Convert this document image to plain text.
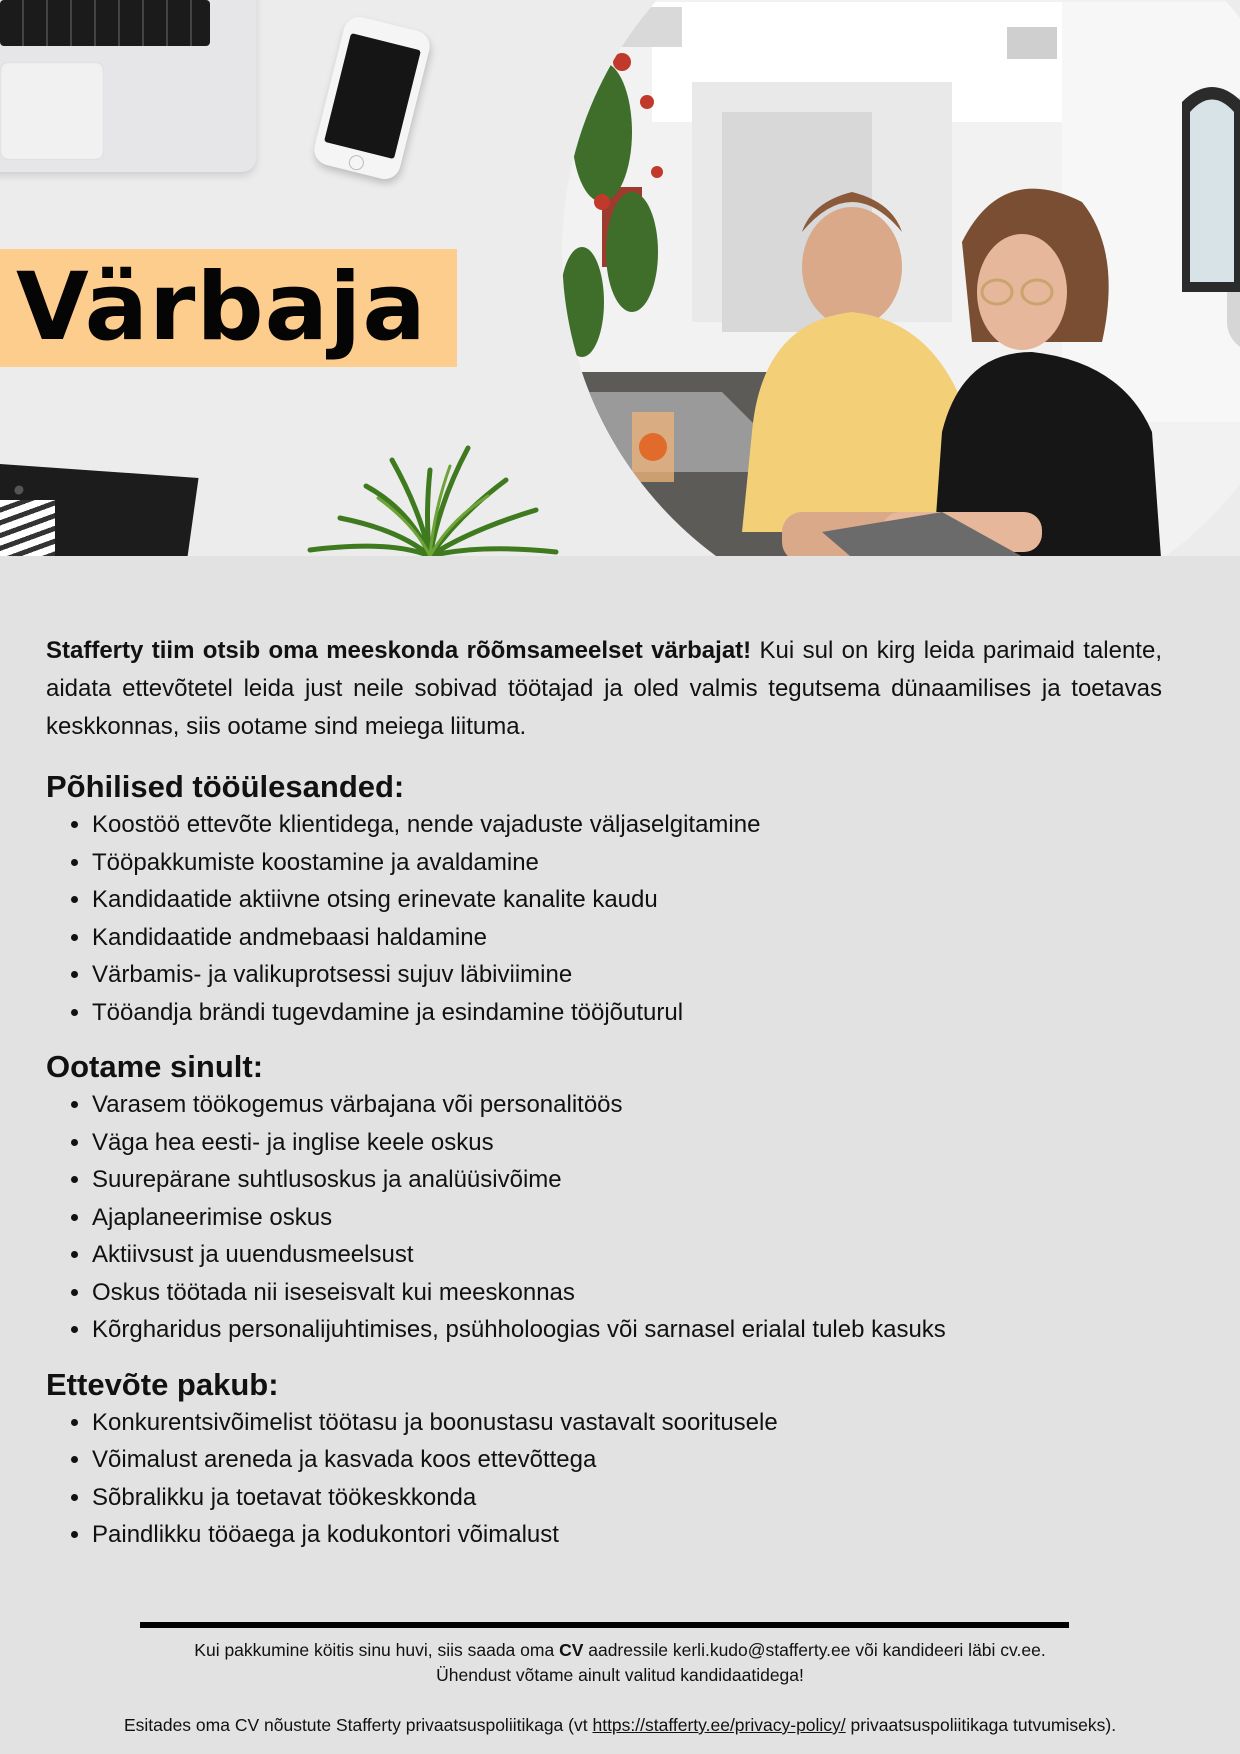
Värbaja

Stafferty tiim otsib oma meeskonda rõõmsameelset värbajat! Kui sul on kirg leida parimaid talente, aidata ettevõtetel leida just neile sobivad töötajad ja oled valmis tegutsema dünaamilises ja toetavas keskkonnas, siis ootame sind meiega liituma.

Põhilised tööülesanded:
• Koostöö ettevõte klientidega, nende vajaduste väljaselgitamine
• Tööpakkumiste koostamine ja avaldamine
• Kandidaatide aktiivne otsing erinevate kanalite kaudu
• Kandidaatide andmebaasi haldamine
• Värbamis- ja valikuprotsessi sujuv läbiviimine
• Tööandja brändi tugevdamine ja esindamine tööjõuturul
Ootame sinult:
• Varasem töökogemus värbajana või personalitöös
• Väga hea eesti- ja inglise keele oskus
• Suurepärane suhtlusoskus ja analüüsivõime
• Ajaplaneerimise oskus
• Aktiivsust ja uuendusmeelsust
• Oskus töötada nii iseseisvalt kui meeskonnas
• Kõrgharidus personalijuhtimises, psühholoogias või sarnasel erialal tuleb kasuks
Ettevõte pakub:
• Konkurentsivõimelist töötasu ja boonustasu vastavalt sooritusele
• Võimalust areneda ja kasvada koos ettevõttega
• Sõbralikku ja toetavat töökeskkonda
• Paindlikku tööaega ja kodukontori võimalust
Kui pakkumine köitis sinu huvi, siis saada oma CV aadressile kerli.kudo@stafferty.ee või kandideeri läbi cv.ee.
Ühendust võtame ainult valitud kandidaatidega!
Esitades oma CV nõustute Stafferty privaatsuspoliitikaga (vt https://stafferty.ee/privacy-policy/ privaatsuspoliitikaga tutvumiseks).
